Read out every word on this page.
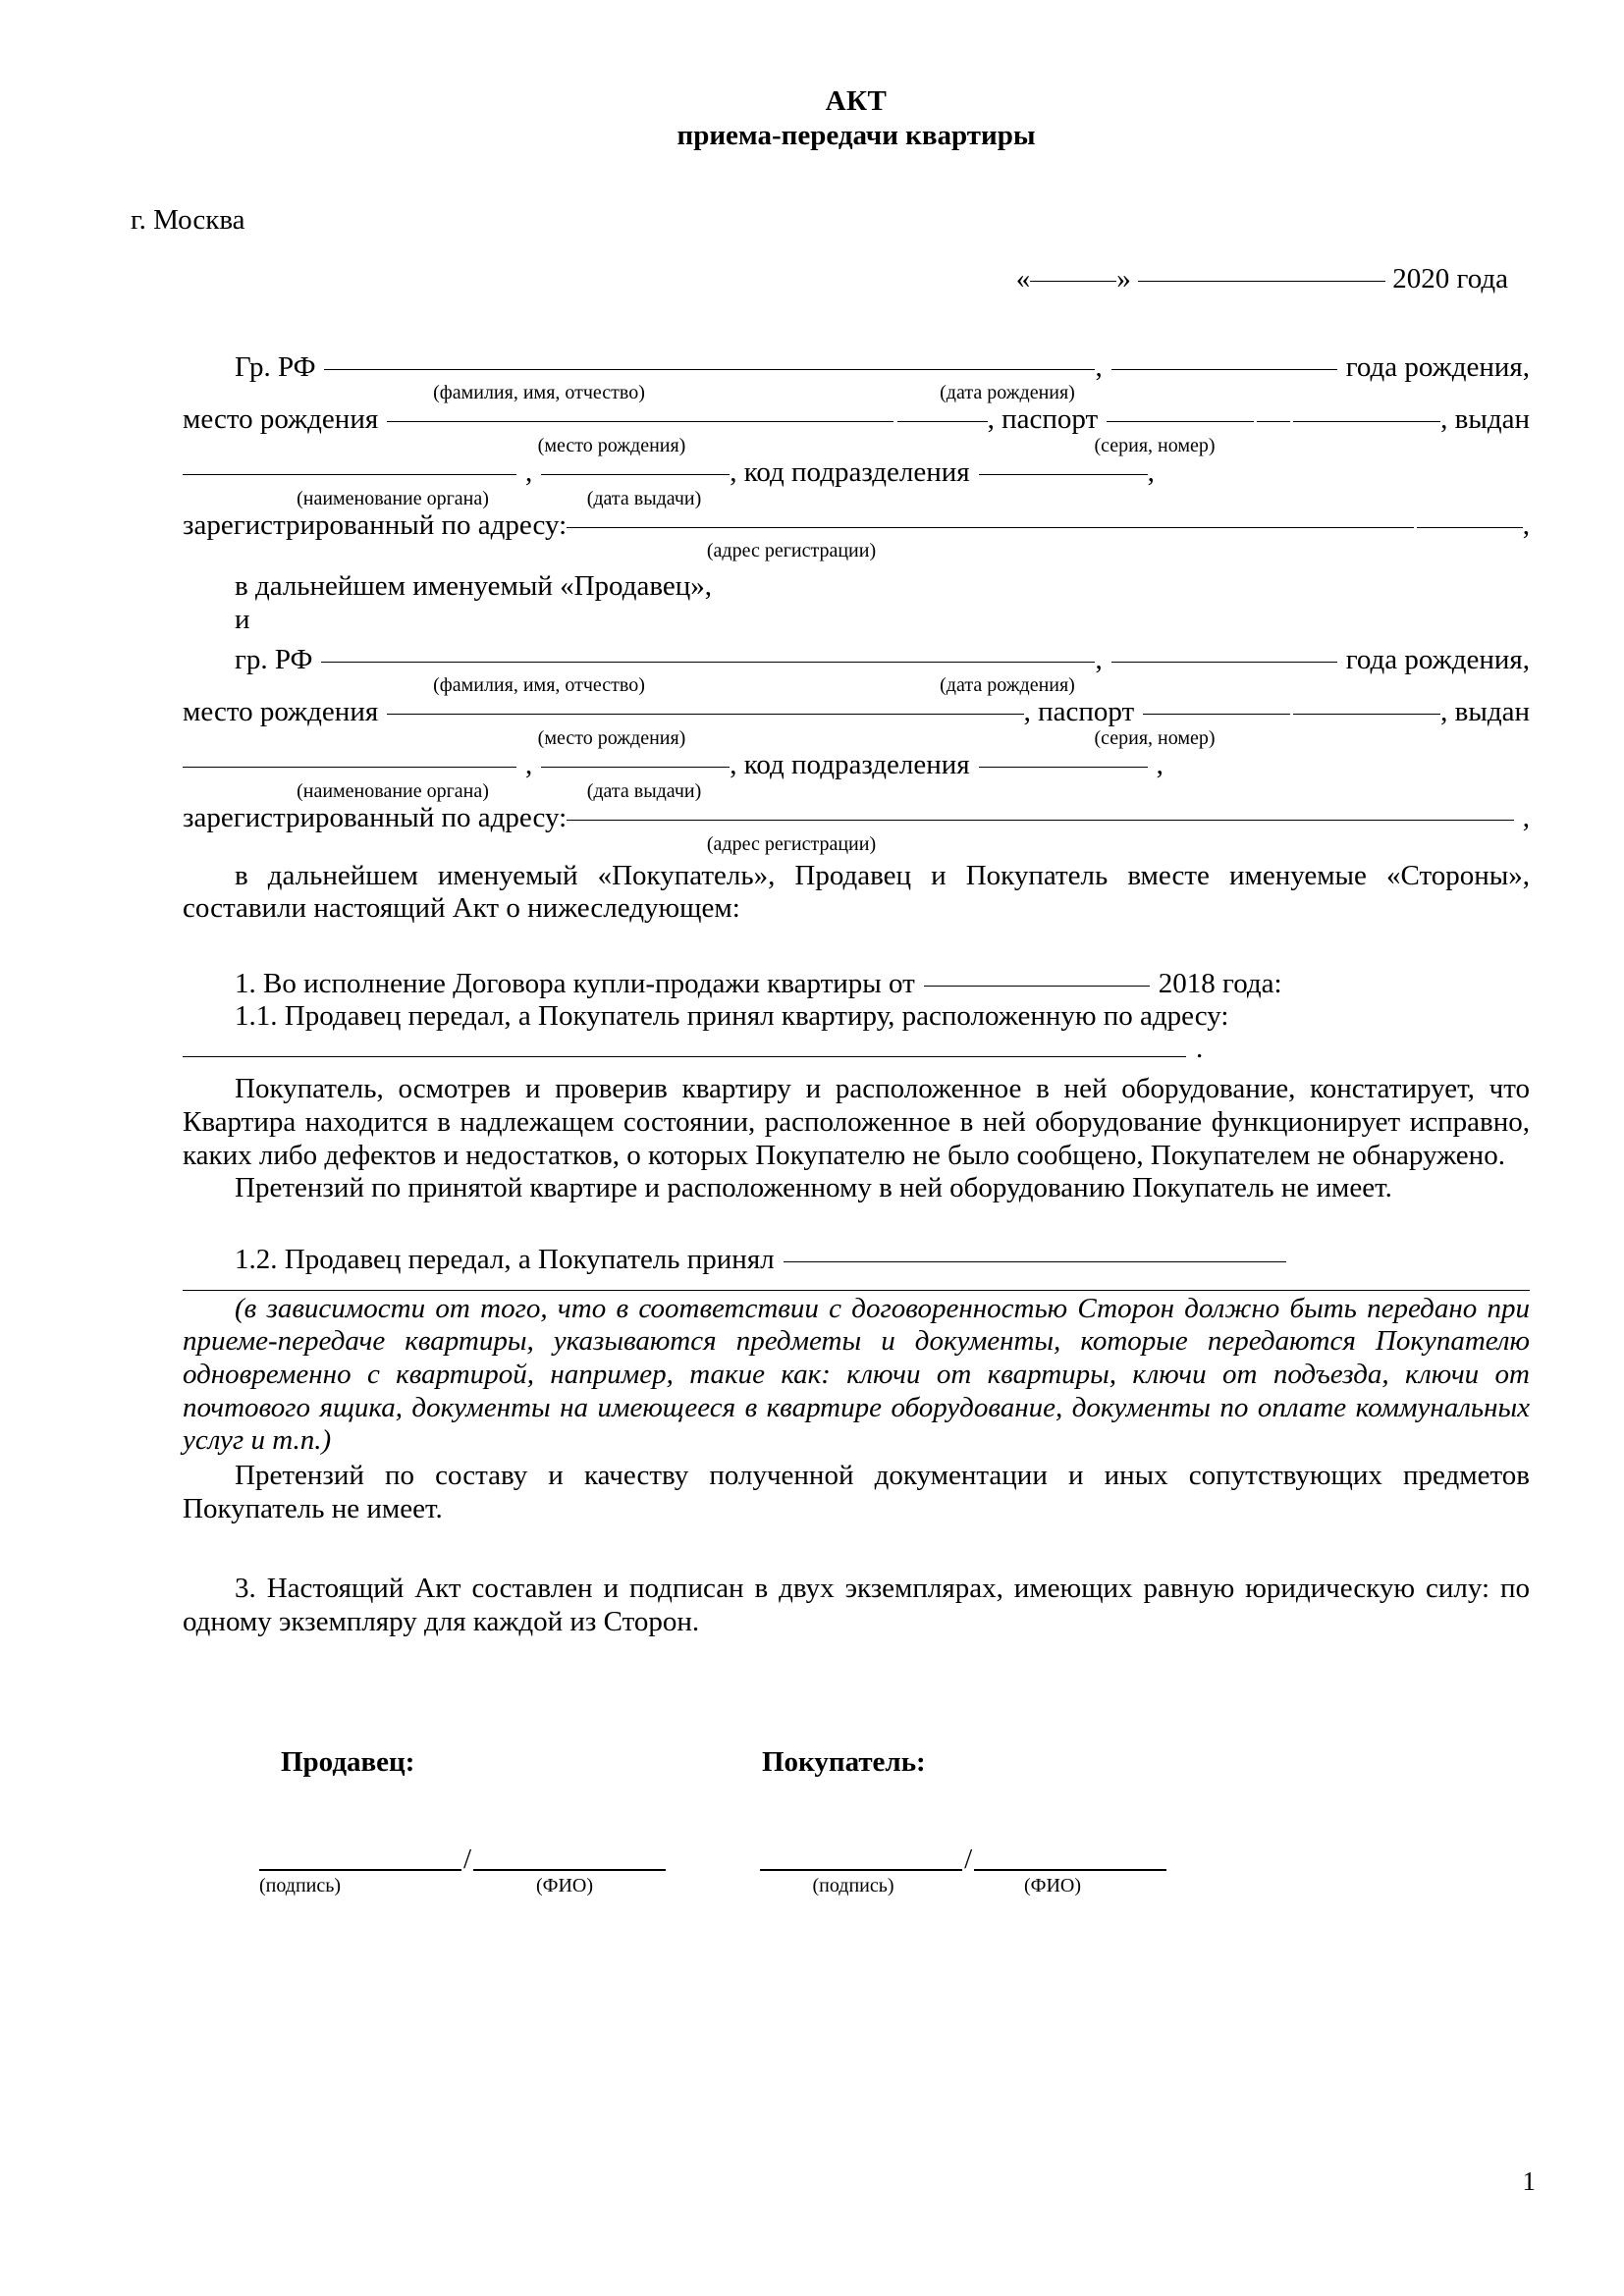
АКТ
приема-передачи квартиры
г. Москва
«	»	2020 года
Гр. РФ	,	года рождения,
(фамилия, имя, отчество)	(дата рождения)
место рождения	, паспорт	, выдан
(место рождения)	(серия, номер)
,	, код подразделения	,
(наименование органа)	(дата выдачи)
зарегистрированный по адресу:	,
(адрес регистрации)
в дальнейшем именуемый «Продавец»,
и
гр. РФ	,	года рождения,
(фамилия, имя, отчество)	(дата рождения)
место рождения	, паспорт	, выдан
(место рождения)	(серия, номер)
,	, код подразделения	,
(наименование органа)	(дата выдачи)
зарегистрированный по адресу:	,
(адрес регистрации)
в дальнейшем именуемый «Покупатель», Продавец и Покупатель вместе именуемые «Стороны», составили настоящий Акт о нижеследующем:
1. Во исполнение Договора купли-продажи квартиры от	2018 года:
1.1. Продавец передал, а Покупатель принял квартиру, расположенную по адресу:
.
Покупатель, осмотрев и проверив квартиру и расположенное в ней оборудование, констатирует, что Квартира находится в надлежащем состоянии, расположенное в ней оборудование функционирует исправно, каких либо дефектов и недостатков, о которых Покупателю не было сообщено, Покупателем не обнаружено.
Претензий по принятой квартире и расположенному в ней оборудованию Покупатель не имеет.
1.2. Продавец передал, а Покупатель принял
(в зависимости от того, что в соответствии с договоренностью Сторон должно быть передано при приеме-передаче квартиры, указываются предметы и документы, которые передаются Покупателю одновременно с квартирой, например, такие как: ключи от квартиры, ключи от подъезда, ключи от почтового ящика, документы на имеющееся в квартире оборудование, документы по оплате коммунальных услуг и т.п.)
Претензий по составу и качеству полученной документации и иных сопутствующих предметов Покупатель не имеет.
3. Настоящий Акт составлен и подписан в двух экземплярах, имеющих равную юридическую силу: по одному экземпляру для каждой из Сторон.
Продавец:	Покупатель:
/	/
(подпись)	(ФИО)	(подпись)	(ФИО)
1
